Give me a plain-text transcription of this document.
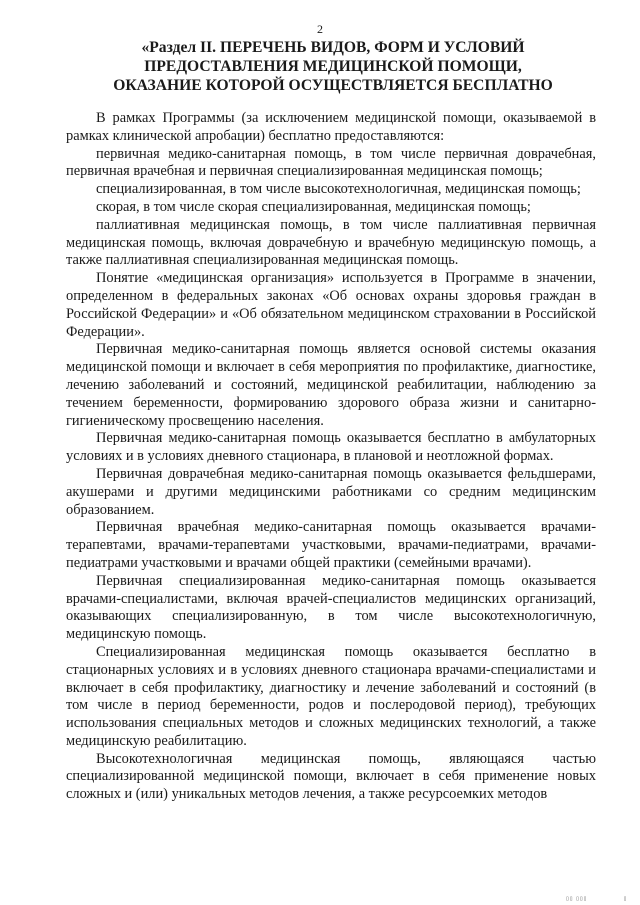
2
«Раздел II. ПЕРЕЧЕНЬ ВИДОВ, ФОРМ И УСЛОВИЙ
ПРЕДОСТАВЛЕНИЯ МЕДИЦИНСКОЙ ПОМОЩИ,
ОКАЗАНИЕ КОТОРОЙ ОСУЩЕСТВЛЯЕТСЯ БЕСПЛАТНО

В рамках Программы (за исключением медицинской помощи, оказываемой в рамках клинической апробации) бесплатно предоставляются:

первичная медико-санитарная помощь, в том числе первичная доврачебная, первичная врачебная и первичная специализированная медицинская помощь;

специализированная, в том числе высокотехнологичная, медицинская помощь;

скорая, в том числе скорая специализированная, медицинская помощь;

паллиативная медицинская помощь, в том числе паллиативная первичная медицинская помощь, включая доврачебную и врачебную медицинскую помощь, а также паллиативная специализированная медицинская помощь.

Понятие «медицинская организация» используется в Программе в значении, определенном в федеральных законах «Об основах охраны здоровья граждан в Российской Федерации» и «Об обязательном медицинском страховании в Российской Федерации».

Первичная медико-санитарная помощь является основой системы оказания медицинской помощи и включает в себя мероприятия по профилактике, диагностике, лечению заболеваний и состояний, медицинской реабилитации, наблюдению за течением беременности, формированию здорового образа жизни и санитарно-гигиеническому просвещению населения.

Первичная медико-санитарная помощь оказывается бесплатно в амбулаторных условиях и в условиях дневного стационара, в плановой и неотложной формах.

Первичная доврачебная медико-санитарная помощь оказывается фельдшерами, акушерами и другими медицинскими работниками со средним медицинским образованием.

Первичная врачебная медико-санитарная помощь оказывается врачами-терапевтами, врачами-терапевтами участковыми, врачами-педиатрами, врачами-педиатрами участковыми и врачами общей практики (семейными врачами).

Первичная специализированная медико-санитарная помощь оказывается врачами-специалистами, включая врачей-специалистов медицинских организаций, оказывающих специализированную, в том числе высокотехнологичную, медицинскую помощь.

Специализированная медицинская помощь оказывается бесплатно в стационарных условиях и в условиях дневного стационара врачами-специалистами и включает в себя профилактику, диагностику и лечение заболеваний и состояний (в том числе в период беременности, родов и послеродовой период), требующих использования специальных методов и сложных медицинских технологий, а также медицинскую реабилитацию.

Высокотехнологичная медицинская помощь, являющаяся частью специализированной медицинской помощи, включает в себя применение новых сложных и (или) уникальных методов лечения, а также ресурсоемких методов

▯▯ ▯▯▯              ▯
